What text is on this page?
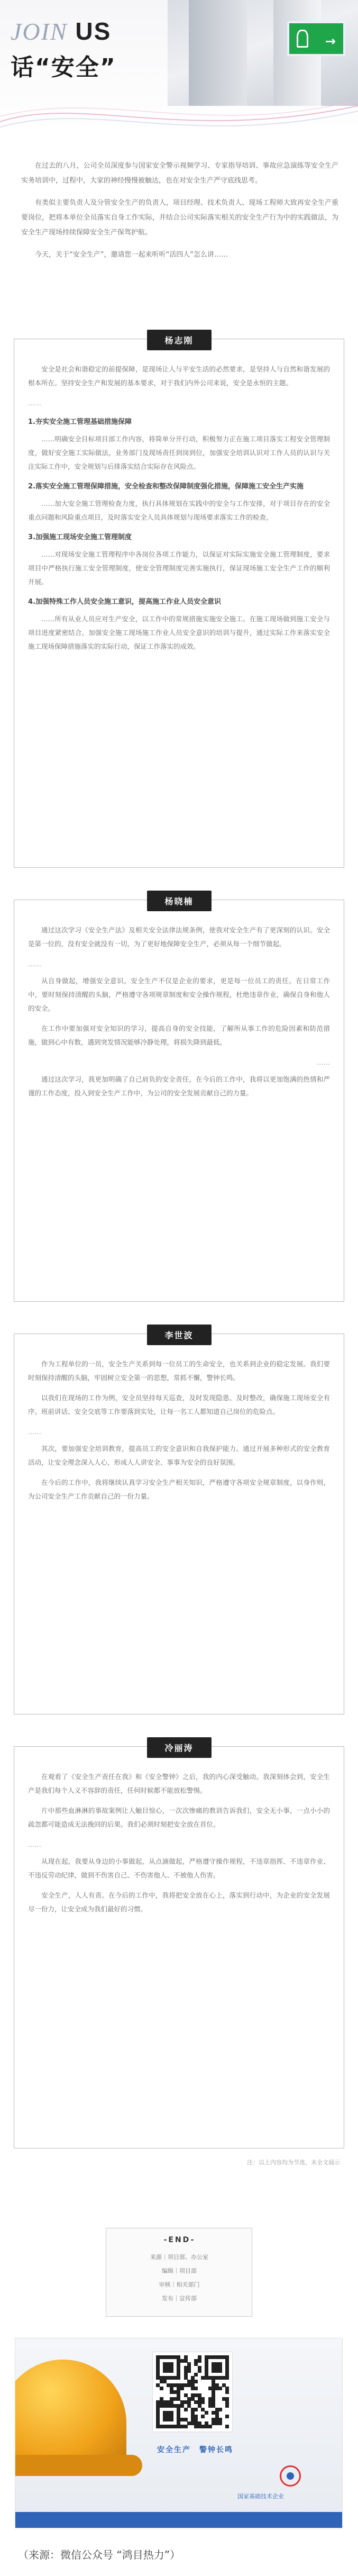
→
JOIN US
话“安全”

在过去的八月，公司全员深度参与国家安全警示视频学习、专家指导培训、事故应急演练等安全生产实务培训中，过程中，大家的神经慢慢被触达，也在对安全生产严守底线思考。

有类似主要负责人及分管安全生产的负责人，项目经理、技术负责人、现场工程师大致再安全生产重要岗位，把将本单位全员落实自身工作实际，并结合公司实际落实相关的安全生产行为中的实践做法，为安全生产现场持续保障安全生产保驾护航。

今天，关于“安全生产”，邀请您一起来听听“活四人”怎么讲……

杨志刚

安全是社会和谐稳定的前提保障，是现场让人与平安生活的必然要求，是坚持人与自然和谐发展的根本所在。坚持安全生产和发展的基本要求，对于我们内外公司来说，安全是永恒的主题。

……

1.夯实安全施工管理基础措施保障

……明确安全目标项目部工作内容，将简单分开行动，积极努力正在施工项目落实工程安全管理制度，做好安全施工实际做法，业务部门及现场责任到岗到位，加强安全培训认识对工作人员的认识与关注实际工作中，安全规划与后排落实结合实际存在风险点。

2.落实安全施工管理保障措施，安全检查和整改保障制度强化措施，保障施工安全生产实施

……加大安全施工管理检查力度，执行具体规划在实践中的安全与工作安排，对于项目存在的安全重点问题和风险重点项目，及时落实安全人员具体规划与现场要求落实工作的检查。

3.加强施工现场安全施工管理制度

……对现场安全施工管理程序中各岗位各项工作能力，以保证对实际实施安全施工管理制度，要求项目中严格执行施工安全管理制度，使安全管理制度完善实施执行，保证现场施工安全生产工作的顺利开展。

4.加强特殊工作人员安全施工意识，提高施工作业人员安全意识

……所有从业人员应对生产安全，以工作中的常规措施实施安全施工。在施工现场做到施工安全与项目进度紧密结合，加强安全施工现场施工作业人员安全意识的培训与提升，通过实际工作来落实安全施工现场保障措施落实的实际行动，保证工作落实的成效。

杨晓楠

通过这次学习《安全生产法》及相关安全法律法规条例，使我对安全生产有了更深刻的认识。安全是第一位的，没有安全就没有一切，为了更好地保障安全生产，必须从每一个细节做起。

……

从自身做起，增强安全意识。安全生产不仅是企业的要求，更是每一位员工的责任。在日常工作中，要时刻保持清醒的头脑，严格遵守各项规章制度和安全操作规程，杜绝违章作业，确保自身和他人的安全。

在工作中要加强对安全知识的学习，提高自身的安全技能，了解所从事工作的危险因素和防范措施，做到心中有数，遇到突发情况能够冷静处理，将损失降到最低。

……

通过这次学习，我更加明确了自己肩负的安全责任，在今后的工作中，我将以更加饱满的热情和严谨的工作态度，投入到安全生产工作中，为公司的安全发展贡献自己的力量。

李世波

作为工程单位的一员，安全生产关系到每一位员工的生命安全，也关系到企业的稳定发展。我们要时刻保持清醒的头脑，牢固树立安全第一的思想，常抓不懈，警钟长鸣。

以我们在现场的工作为例，安全员坚持每天巡查，及时发现隐患、及时整改，确保施工现场安全有序。班前讲话、安全交底等工作要落到实处，让每一名工人都知道自己岗位的危险点。

……

其次，要加强安全培训教育，提高员工的安全意识和自我保护能力。通过开展多种形式的安全教育活动，让安全理念深入人心，形成人人讲安全、事事为安全的良好氛围。

在今后的工作中，我将继续认真学习安全生产相关知识，严格遵守各项安全规章制度，以身作则，为公司安全生产工作贡献自己的一份力量。

冷丽涛

在观看了《安全生产责任在我》和《安全警钟》之后，我的内心深受触动。我深刻体会到，安全生产是我们每个人义不容辞的责任，任何时候都不能放松警惕。

片中那些血淋淋的事故案例让人触目惊心，一次次惨痛的教训告诉我们，安全无小事，一点小小的疏忽都可能造成无法挽回的后果。我们必须时刻把安全放在首位。

……

从现在起，我要从身边的小事做起，从点滴做起，严格遵守操作规程，不违章指挥、不违章作业、不违反劳动纪律，做到不伤害自己、不伤害他人、不被他人伤害。

安全生产，人人有责。在今后的工作中，我将把安全放在心上，落实到行动中，为企业的安全发展尽一份力，让安全成为我们最好的习惯。

注：以上内容均为节选，未全文展示
-END-
来源｜项目部、办公室
编辑｜项目部
审核｜相关部门
发布｜宣传部
安全生产　警钟长鸣
国家基础技术企业
（来源：微信公众号 “鸿目热力”）
